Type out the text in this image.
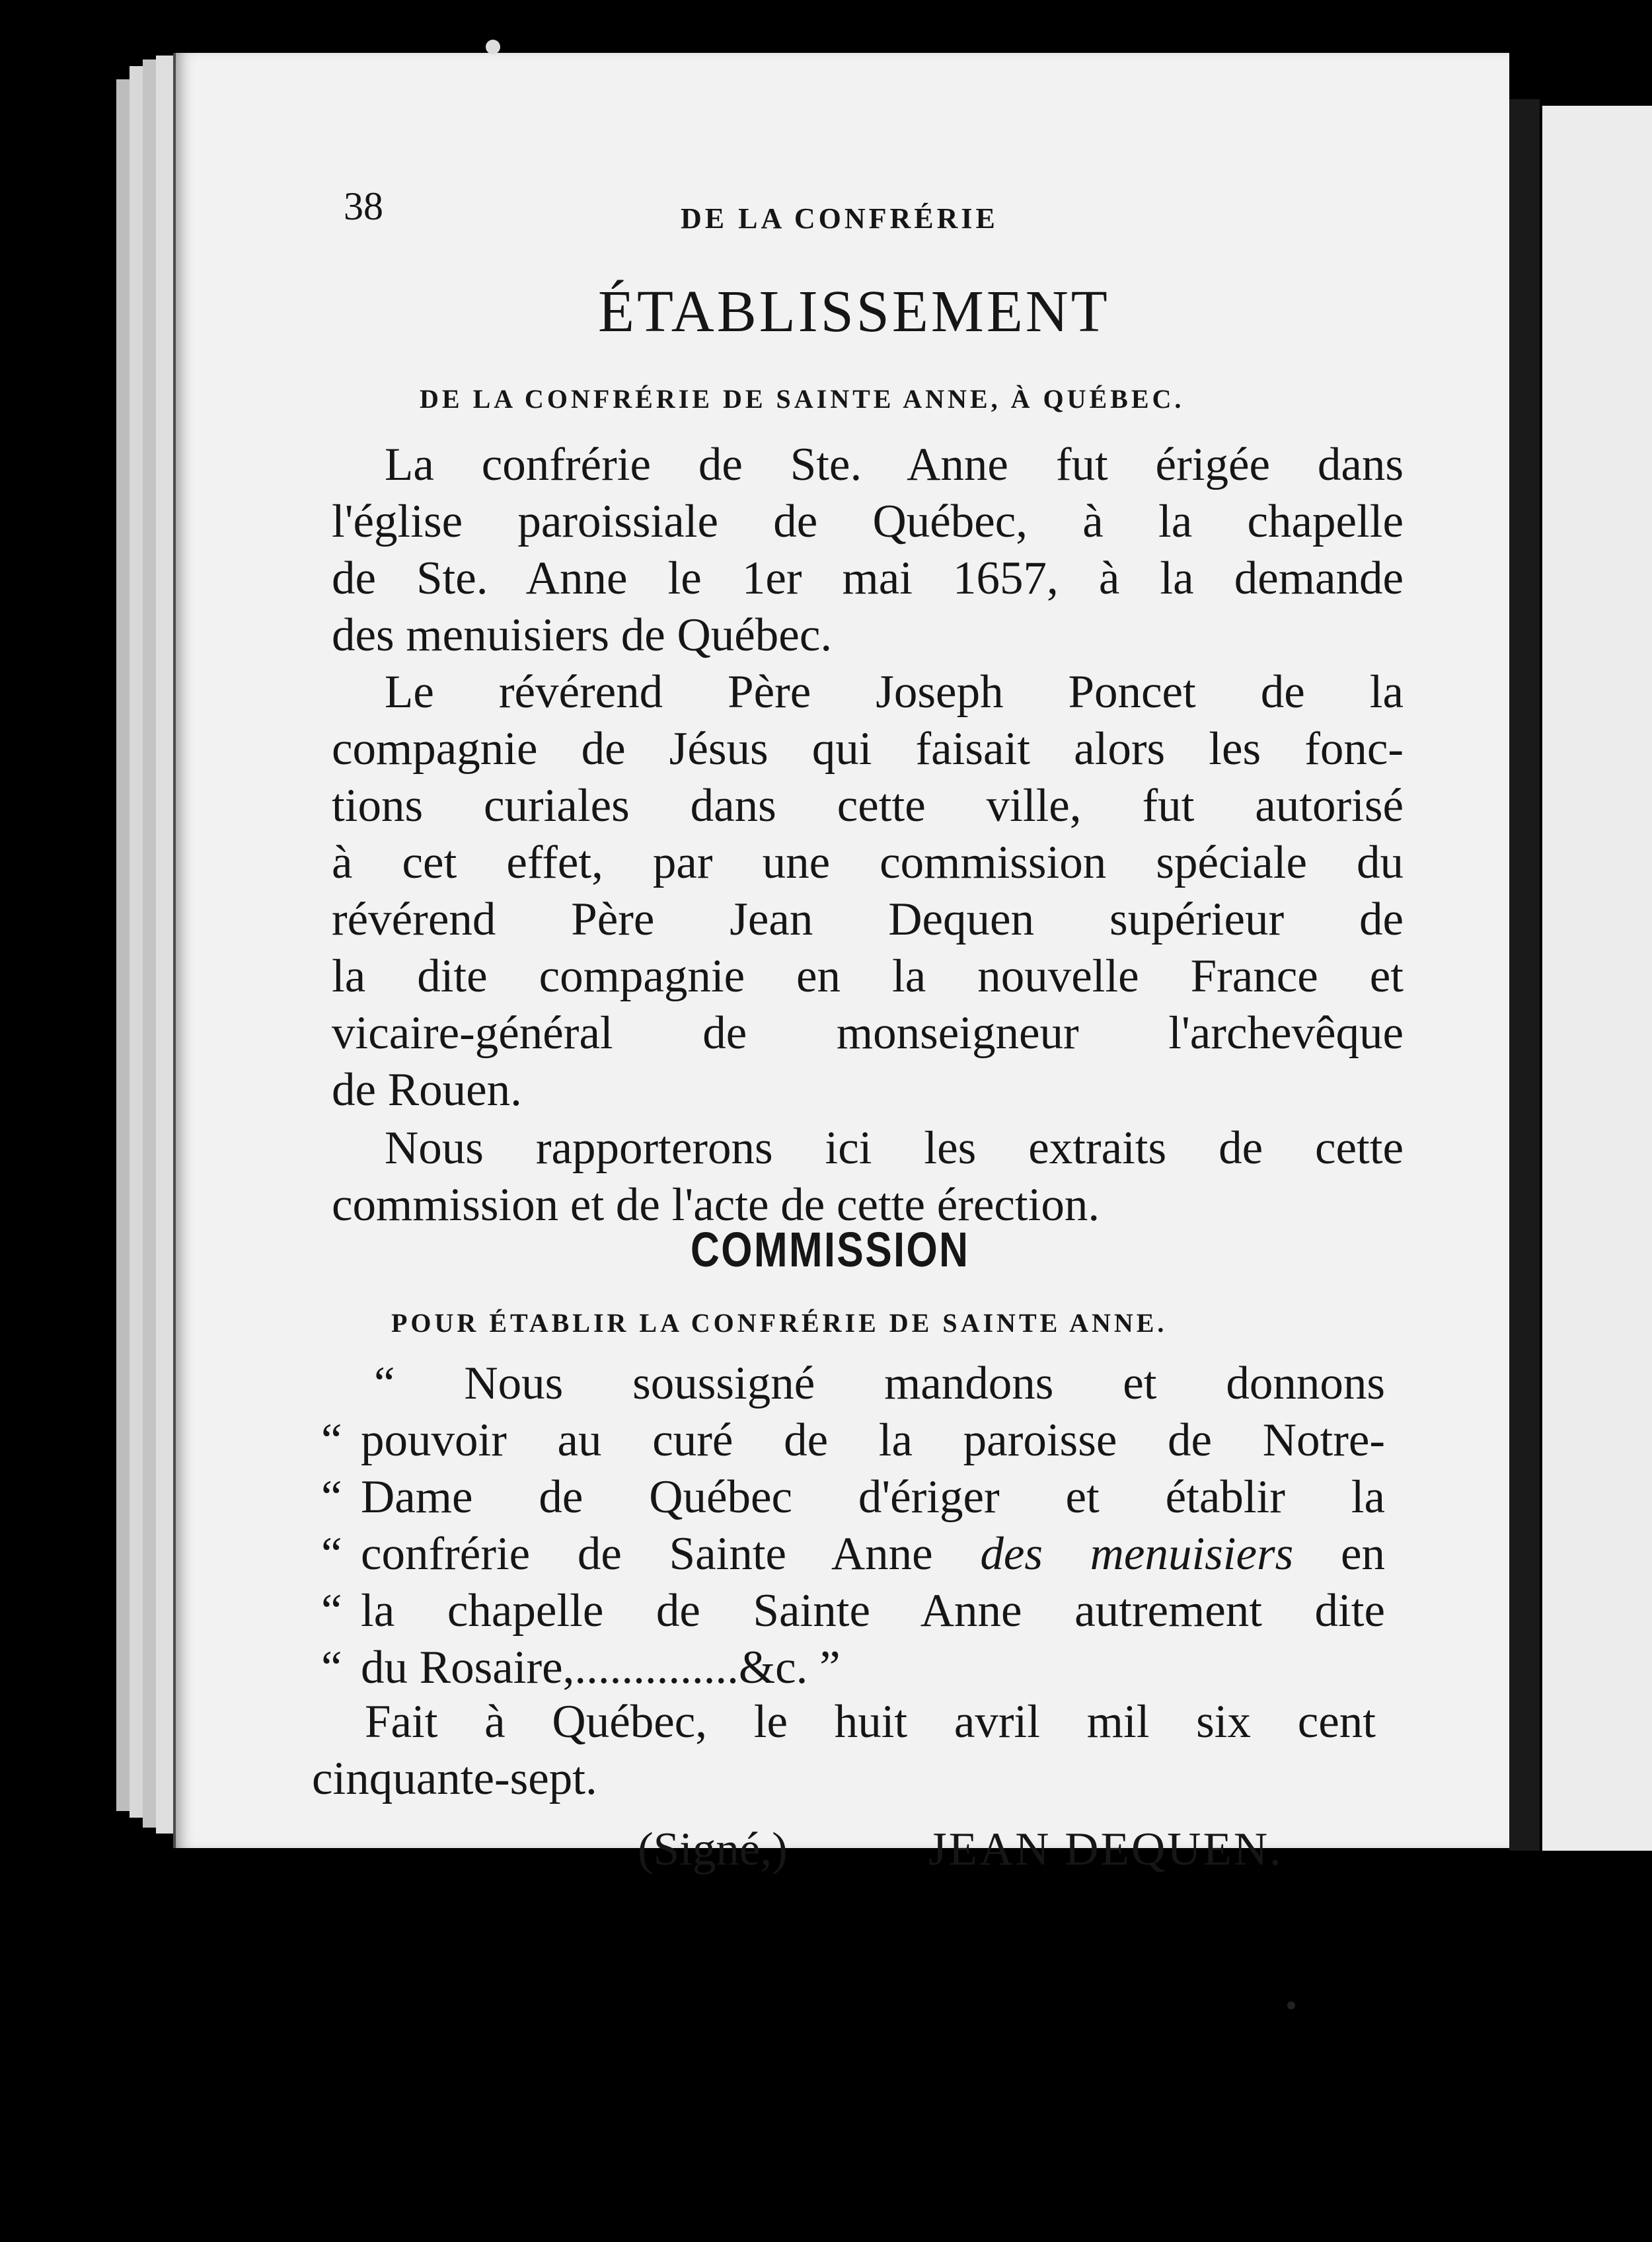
38	DE LA CONFRÉRIE
ÉTABLISSEMENT
DE LA CONFRÉRIE DE SAINTE ANNE, À QUÉBEC.
La confrérie de Ste. Anne fut érigée dans
l'église paroissiale de Québec, à la chapelle
de Ste. Anne le 1er mai 1657, à la demande
des menuisiers de Québec.
Le révérend Père Joseph Poncet de la
compagnie de Jésus qui faisait alors les fonc-
tions curiales dans cette ville, fut autorisé
à cet effet, par une commission spéciale du
révérend Père Jean Dequen supérieur de
la dite compagnie en la nouvelle France et
vicaire-général de monseigneur l'archevêque
de Rouen.
Nous rapporterons ici les extraits de cette
commission et de l'acte de cette érection.
COMMISSION
POUR ÉTABLIR LA CONFRÉRIE DE SAINTE ANNE.
“ Nous soussigné mandons et donnons
“ pouvoir au curé de la paroisse de Notre-
“ Dame de Québec d'ériger et établir la
“ confrérie de Sainte Anne des menuisiers en
“ la chapelle de Sainte Anne autrement dite
“ du Rosaire,..............&c. ”
Fait à Québec, le huit avril mil six cent
cinquante-sept.
(Signé,)	JEAN DEQUEN.
